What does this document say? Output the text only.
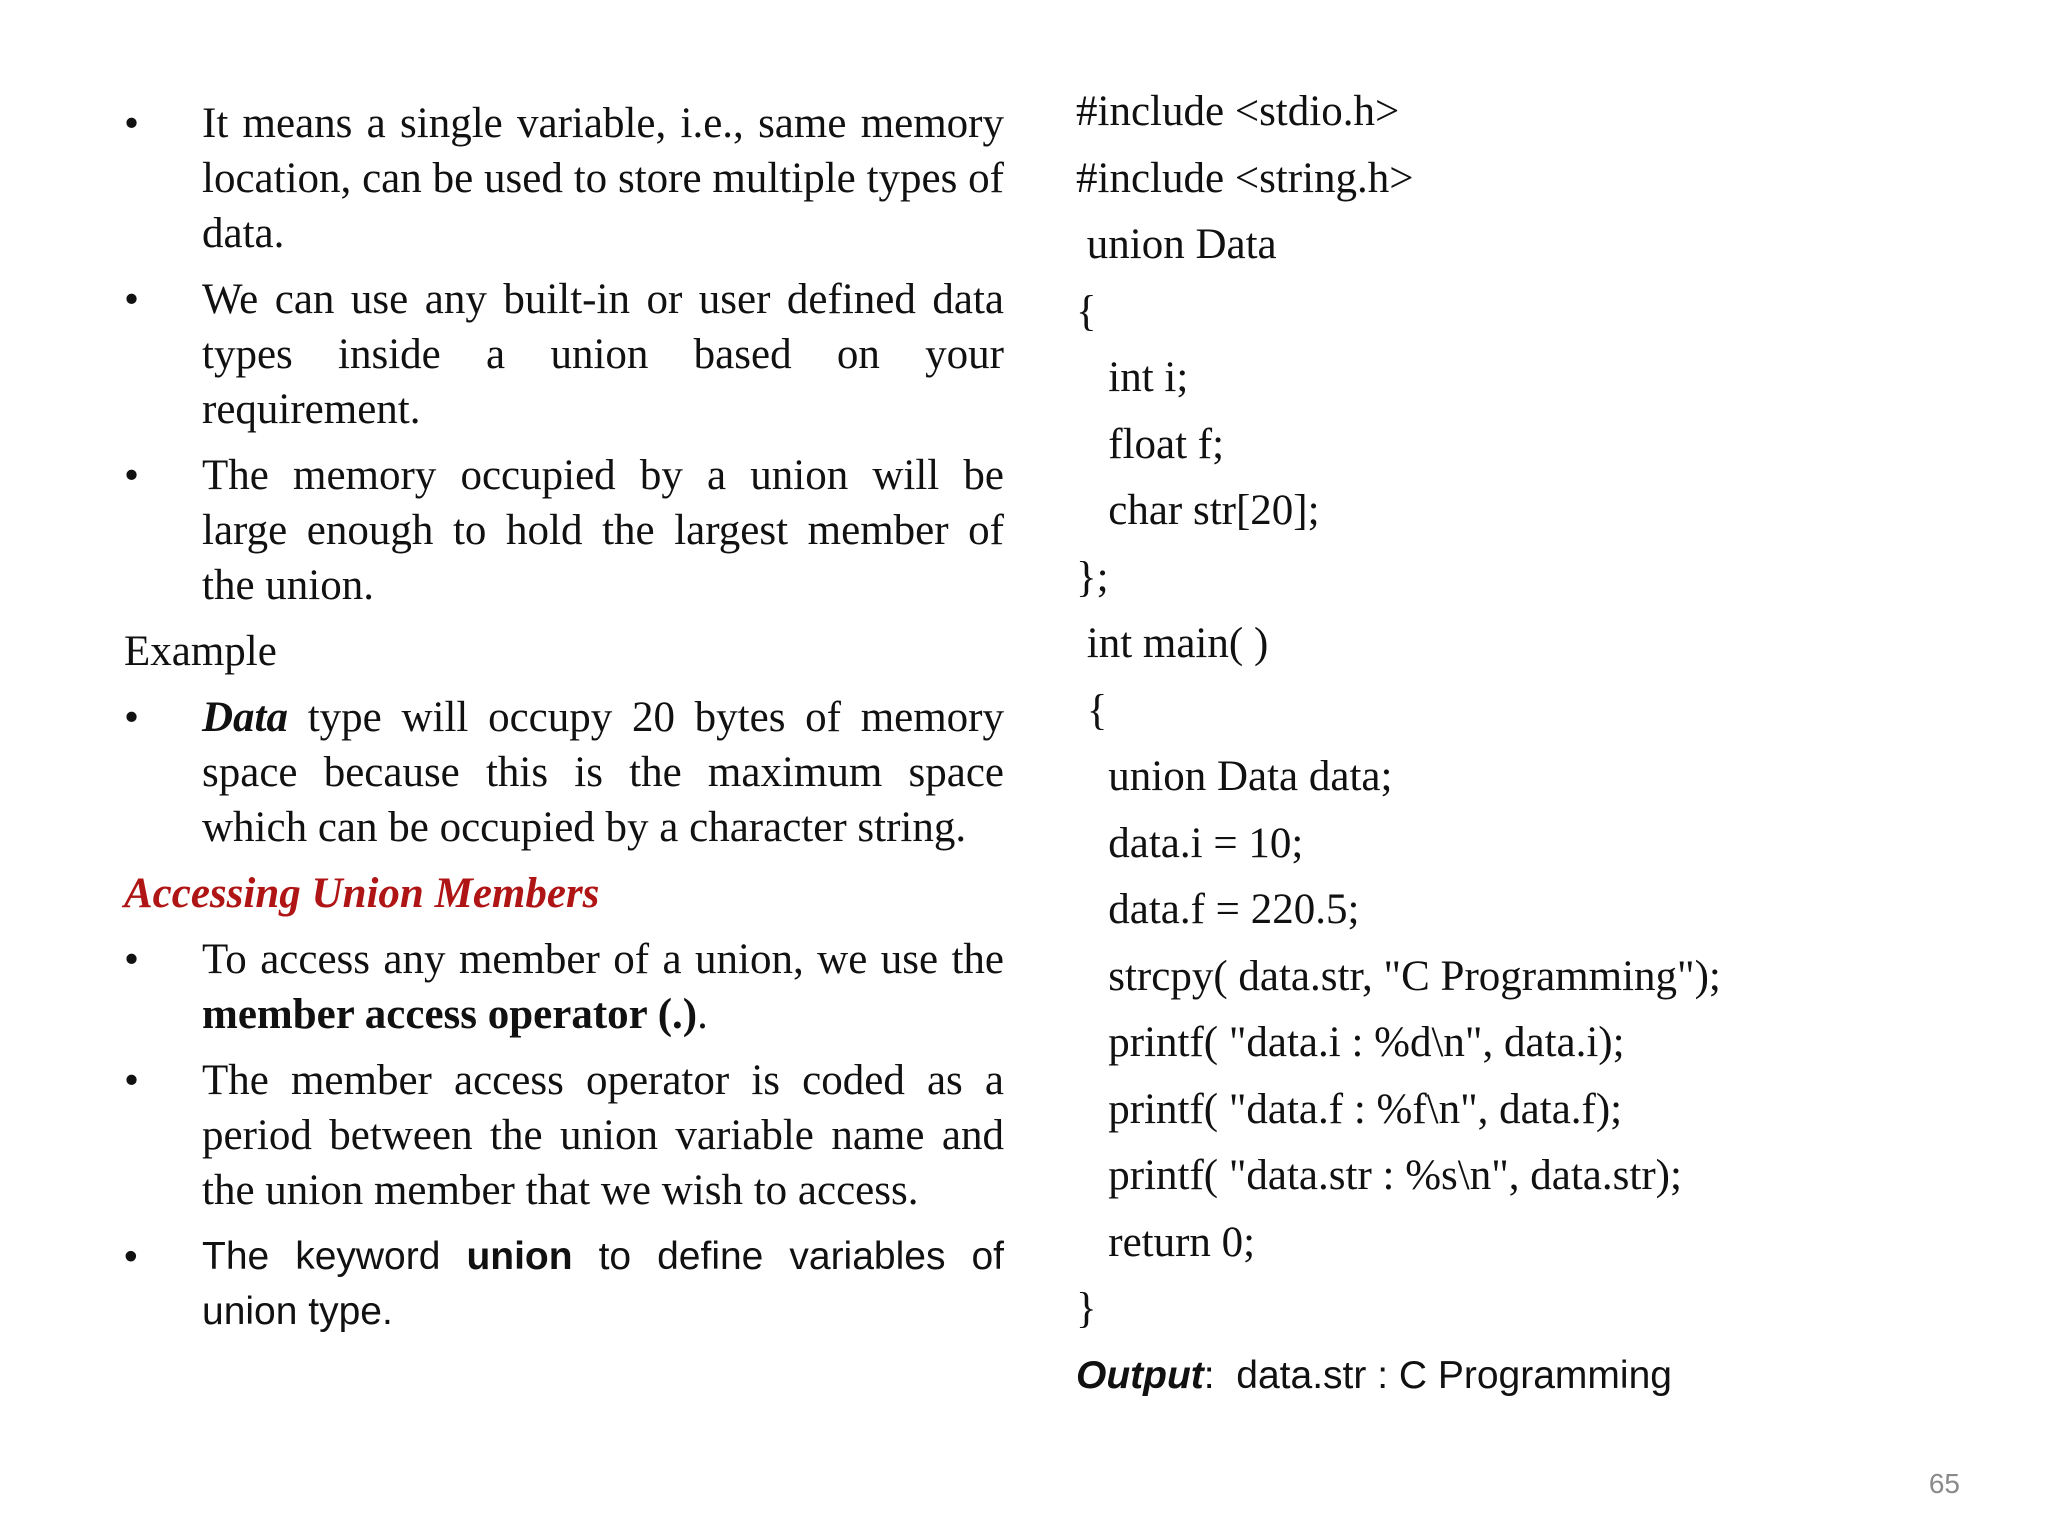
•	It means a single variable, i.e., same memory location, can be used to store multiple types of data.
•	We can use any built-in or user defined data types inside a union based on your requirement.
•	The memory occupied by a union will be large enough to hold the largest member of the union.
Example
•	Data type will occupy 20 bytes of memory space because this is the maximum space which can be occupied by a character string.
Accessing Union Members
•	To access any member of a union, we use the member access operator (.).
•	The member access operator is coded as a period between the union variable name and the union member that we wish to access.
•	The keyword union to define variables of union type.
#include <stdio.h>
#include <string.h>
union Data
{
int i;
float f;
char str[20];
};
int main( )
{
union Data data;
data.i = 10;
data.f = 220.5;
strcpy( data.str, "C Programming");
printf( "data.i : %d\n", data.i);
printf( "data.f : %f\n", data.f);
printf( "data.str : %s\n", data.str);
return 0;
}
Output:  data.str : C Programming
65
